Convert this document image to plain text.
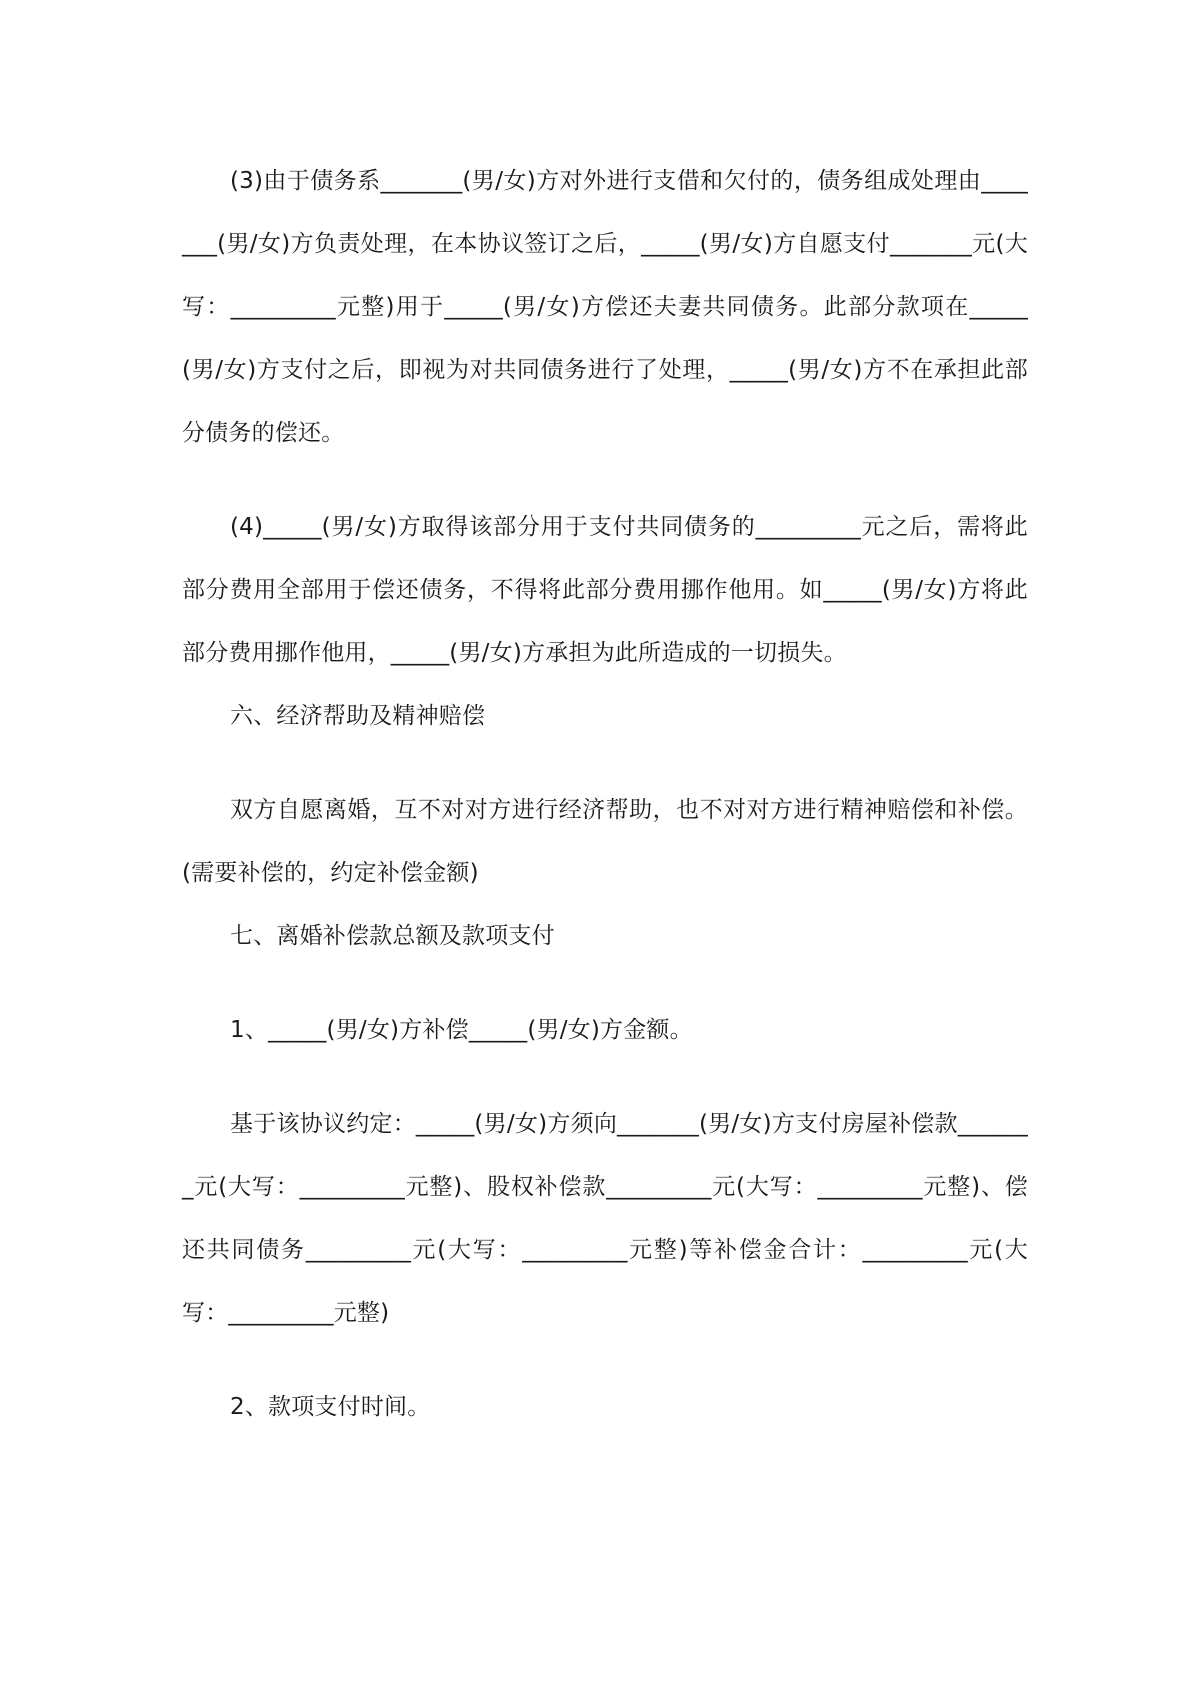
(3)由于债务系_______(男/女)方对外进行支借和欠付的，债务组成处理由_______(男/女)方负责处理，在本协议签订之后，_____(男/女)方自愿支付_______元(大写：_________元整)用于_____(男/女)方偿还夫妻共同债务。此部分款项在_____(男/女)方支付之后，即视为对共同债务进行了处理，_____(男/女)方不在承担此部分债务的偿还。

(4)_____(男/女)方取得该部分用于支付共同债务的_________元之后，需将此部分费用全部用于偿还债务，不得将此部分费用挪作他用。如_____(男/女)方将此部分费用挪作他用，_____(男/女)方承担为此所造成的一切损失。

六、经济帮助及精神赔偿

双方自愿离婚，互不对对方进行经济帮助，也不对对方进行精神赔偿和补偿。(需要补偿的，约定补偿金额)

七、离婚补偿款总额及款项支付

1、_____(男/女)方补偿_____(男/女)方金额。

基于该协议约定：_____(男/女)方须向_______(男/女)方支付房屋补偿款_______元(大写：_________元整)、股权补偿款_________元(大写：_________元整)、偿还共同债务_________元(大写：_________元整)等补偿金合计：_________元(大写：_________元整)

2、款项支付时间。
